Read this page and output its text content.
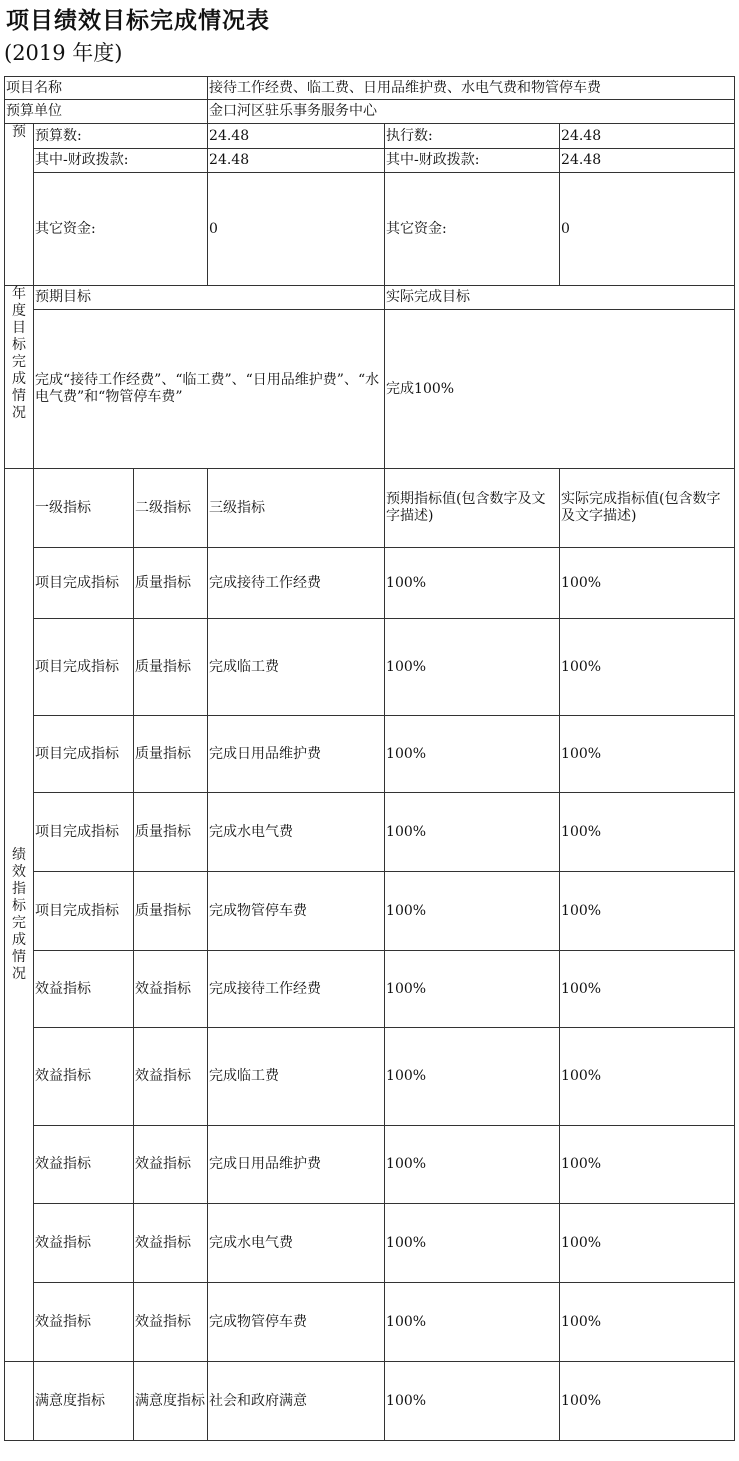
项目绩效目标完成情况表
(2019 年度)
项目名称			接待工作经费、临工费、日用品维护费、水电气费和物管停车费		
预算单位			金口河区驻乐事务服务中心		

预	预算数:		24.48	执行数:	24.48
	其中-财政拨款:		24.48	其中-财政拨款:	24.48
	其它资金:		0	其它资金:	0

年度目标完成情况	预期目标			实际完成目标	
	完成“接待工作经费”、“临工费”、“日用品维护费”、“水电气费”和“物管停车费”			完成100%	

绩效指标完成情况	一级指标	二级指标	三级指标	预期指标值(包含数字及文字描述)	实际完成指标值(包含数字及文字描述)
	项目完成指标	质量指标	完成接待工作经费	100%	100%
	项目完成指标	质量指标	完成临工费	100%	100%
	项目完成指标	质量指标	完成日用品维护费	100%	100%
	项目完成指标	质量指标	完成水电气费	100%	100%
	项目完成指标	质量指标	完成物管停车费	100%	100%
	效益指标	效益指标	完成接待工作经费	100%	100%
	效益指标	效益指标	完成临工费	100%	100%
	效益指标	效益指标	完成日用品维护费	100%	100%
	效益指标	效益指标	完成水电气费	100%	100%
	效益指标	效益指标	完成物管停车费	100%	100%
	满意度指标	满意度指标	社会和政府满意	100%	100%
